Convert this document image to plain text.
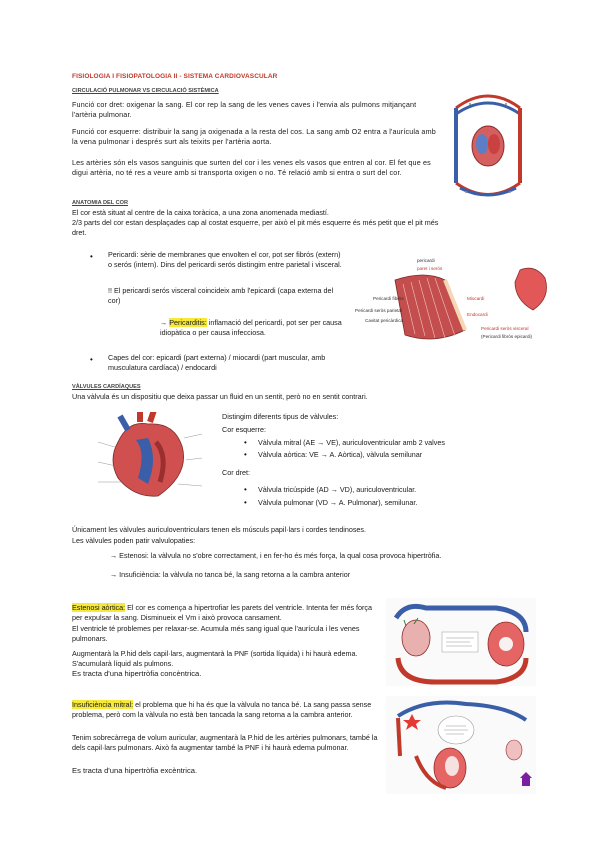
FISIOLOGIA I FISIOPATOLOGIA II - SISTEMA CARDIOVASCULAR
CIRCULACIÓ PULMONAR VS CIRCULACIÓ SISTÈMICA
Funció cor dret: oxigenar la sang. El cor rep la sang de les venes caves i l'envia als pulmons mitjançant l'artèria pulmonar.
Funció cor esquerre: distribuir la sang ja oxigenada a la resta del cos. La sang amb O2 entra a l'aurícula amb la vena pulmonar i després surt als teixits per l'artèria aorta.
Les artèries són els vasos sanguinis que surten del cor i les venes els vasos que entren al cor. El fet que es digui artèria, no té res a veure amb si transporta oxigen o no. Té relació amb si entra o surt del cor.
ANATOMIA DEL COR
El cor està situat al centre de la caixa toràcica, a una zona anomenada mediastí.
2/3 parts del cor estan desplaçades cap al costat esquerre, per això el pit més esquerre és més petit que el pit més dret.
• Pericardi: sèrie de membranes que envolten el cor, pot ser fibrós (extern) o serós (intern). Dins del pericardi serós distingim entre parietal i visceral.
!! El pericardi serós visceral coincideix amb l'epicardi (capa externa del cor)
→ Pericarditis: inflamació del pericardi, pot ser per causa idiopàtica o per causa infecciosa.
• Capes del cor: epicardi (part externa) / miocardi (part muscular, amb musculatura cardíaca) / endocardi
pericardi
paret i serós
Pericardi fibròs
Pericardi seròs parietal
Cavitat pericàrdica
Miocardi
Endocardi
Pericardi seròs visceral
(Pericardi fibròs epicardi)
VÀLVULES CARDÍAQUES
Una vàlvula és un dispositiu que deixa passar un fluid en un sentit, però no en sentit contrari.
Distingim diferents tipus de vàlvules:
Cor esquerre:
• Vàlvula mitral (AE → VE), auriculoventricular amb 2 valves
• Vàlvula aòrtica: VE → A. Aòrtica), vàlvula semilunar
Cor dret:
• Vàlvula tricúspide (AD → VD), auriculoventricular.
• Vàlvula pulmonar (VD → A. Pulmonar), semilunar.
Únicament les vàlvules auriculoventriculars tenen els músculs papil·lars i cordes tendinoses.
Les vàlvules poden patir valvulopaties:
→ Estenosi: la vàlvula no s'obre correctament, i en fer-ho és més força, la qual cosa provoca hipertròfia.
→ Insuficiència: la vàlvula no tanca bé, la sang retorna a la cambra anterior
Estenosi aòrtica: El cor es comença a hipertrofiar les parets del ventricle. Intenta fer més força per expulsar la sang. Disminueix el Vm i això provoca cansament.
El ventricle té problemes per relaxar-se. Acumula més sang igual que l'aurícula i les venes pulmonars.
Augmentarà la P.hid dels capil·lars, augmentarà la PNF (sortida líquida) i hi haurà edema. S'acumularà líquid als pulmons.
Es tracta d'una hipertròfia concèntrica.
Insuficiència mitral: el problema que hi ha és que la vàlvula no tanca bé. La sang passa sense problema, però com la vàlvula no està ben tancada la sang retorna a la cambra anterior.
Tenim sobrecàrrega de volum auricular, augmentarà la P.hid de les artèries pulmonars, també la dels capil·lars pulmonars. Això fa augmentar també la PNF i hi haurà edema pulmonar.
Es tracta d'una hipertròfia excèntrica.
